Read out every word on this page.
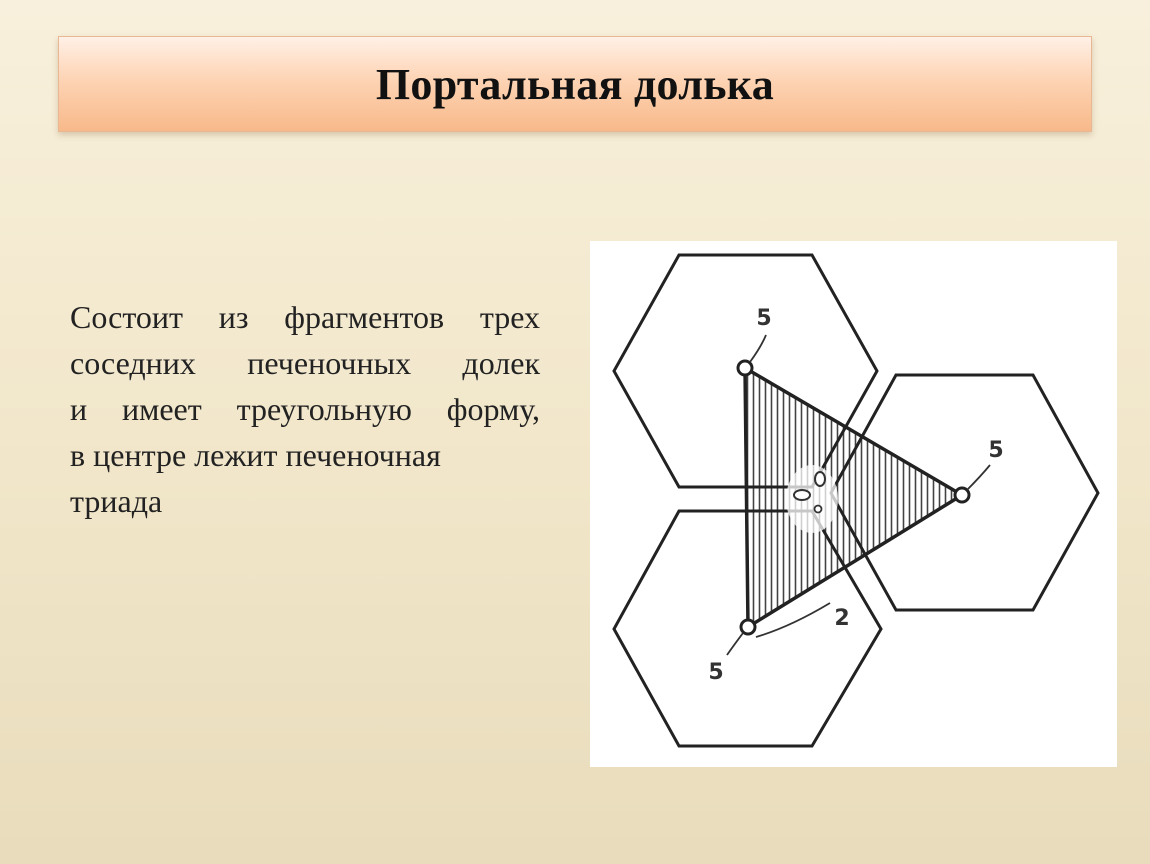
Портальная долька
Состоит из фрагментов трех
соседних печеночных долек
и имеет треугольную форму,
в центре лежит печеночная
триада
5
5
5
2
